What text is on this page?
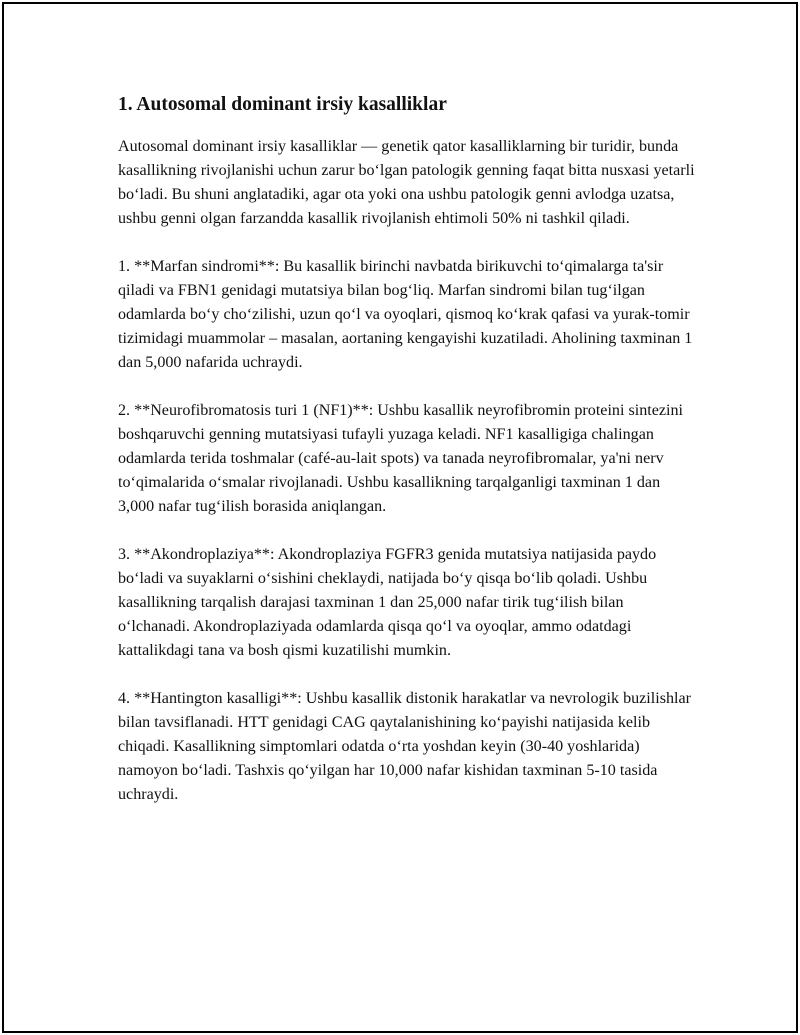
1. Autosomal dominant irsiy kasalliklar

Autosomal dominant irsiy kasalliklar — genetik qator kasalliklarning bir turidir, bunda kasallikning rivojlanishi uchun zarur bo‘lgan patologik genning faqat bitta nusxasi yetarli bo‘ladi. Bu shuni anglatadiki, agar ota yoki ona ushbu patologik genni avlodga uzatsa, ushbu genni olgan farzandda kasallik rivojlanish ehtimoli 50% ni tashkil qiladi.

1. **Marfan sindromi**: Bu kasallik birinchi navbatda birikuvchi to‘qimalarga ta'sir qiladi va FBN1 genidagi mutatsiya bilan bog‘liq. Marfan sindromi bilan tug‘ilgan odamlarda bo‘y cho‘zilishi, uzun qo‘l va oyoqlari, qismoq ko‘krak qafasi va yurak-tomir tizimidagi muammolar – masalan, aortaning kengayishi kuzatiladi. Aholining taxminan 1 dan 5,000 nafarida uchraydi.

2. **Neurofibromatosis turi 1 (NF1)**: Ushbu kasallik neyrofibromin proteini sintezini boshqaruvchi genning mutatsiyasi tufayli yuzaga keladi. NF1 kasalligiga chalingan odamlarda terida toshmalar (café-au-lait spots) va tanada neyrofibromalar, ya'ni nerv to‘qimalarida o‘smalar rivojlanadi. Ushbu kasallikning tarqalganligi taxminan 1 dan 3,000 nafar tug‘ilish borasida aniqlangan.

3. **Akondroplaziya**: Akondroplaziya FGFR3 genida mutatsiya natijasida paydo bo‘ladi va suyaklarni o‘sishini cheklaydi, natijada bo‘y qisqa bo‘lib qoladi. Ushbu kasallikning tarqalish darajasi taxminan 1 dan 25,000 nafar tirik tug‘ilish bilan o‘lchanadi. Akondroplaziyada odamlarda qisqa qo‘l va oyoqlar, ammo odatdagi kattalikdagi tana va bosh qismi kuzatilishi mumkin.

4. **Hantington kasalligi**: Ushbu kasallik distonik harakatlar va nevrologik buzilishlar bilan tavsiflanadi. HTT genidagi CAG qaytalanishining ko‘payishi natijasida kelib chiqadi. Kasallikning simptomlari odatda o‘rta yoshdan keyin (30-40 yoshlarida) namoyon bo‘ladi. Tashxis qo‘yilgan har 10,000 nafar kishidan taxminan 5-10 tasida uchraydi.
